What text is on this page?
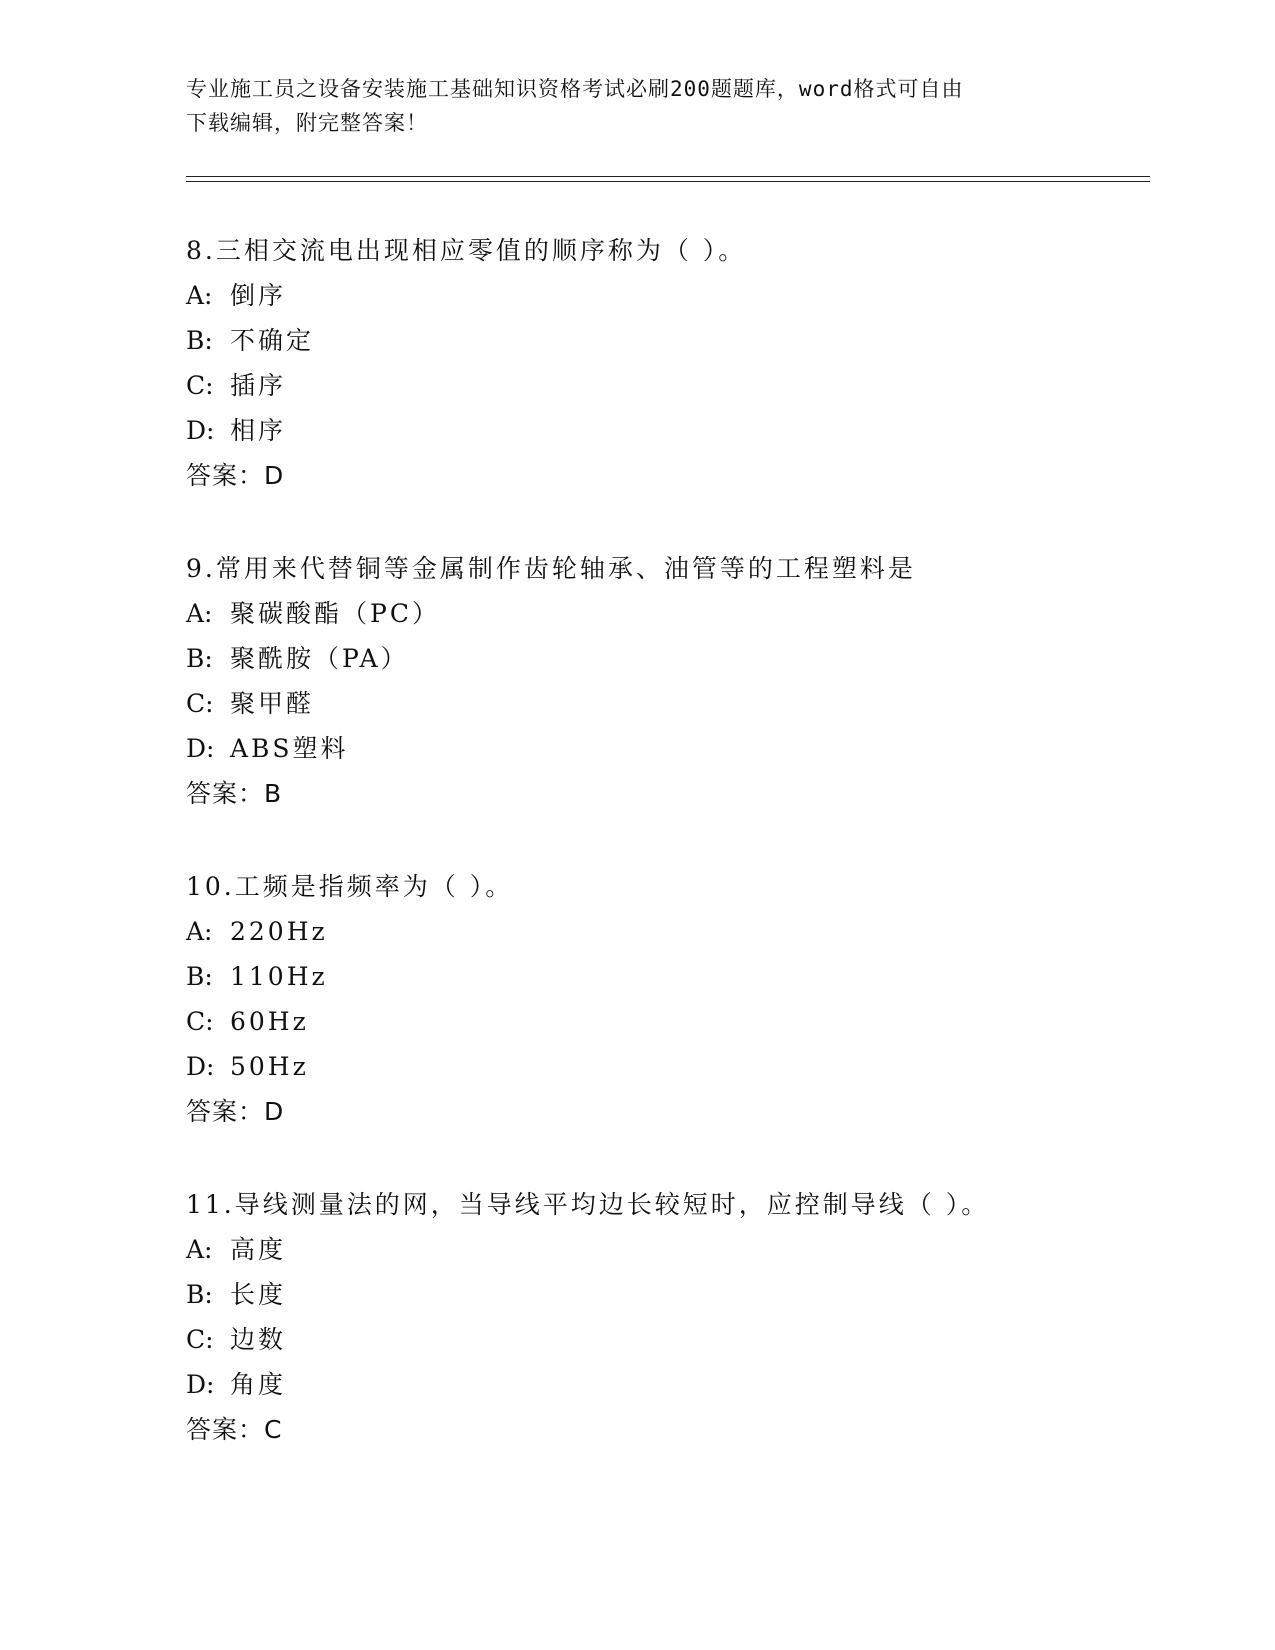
专业施工员之设备安装施工基础知识资格考试必刷200题题库，word格式可自由
下载编辑，附完整答案！
8.三相交流电出现相应零值的顺序称为（ ）。
A: 倒序
B: 不确定
C: 插序
D: 相序
答案：D
9.常用来代替铜等金属制作齿轮轴承、油管等的工程塑料是
A: 聚碳酸酯（PC）
B: 聚酰胺（PA）
C: 聚甲醛
D: ABS塑料
答案：B
10.工频是指频率为（ ）。
A: 220Hz
B: 110Hz
C: 60Hz
D: 50Hz
答案：D
11.导线测量法的网，当导线平均边长较短时，应控制导线（ ）。
A: 高度
B: 长度
C: 边数
D: 角度
答案：C
